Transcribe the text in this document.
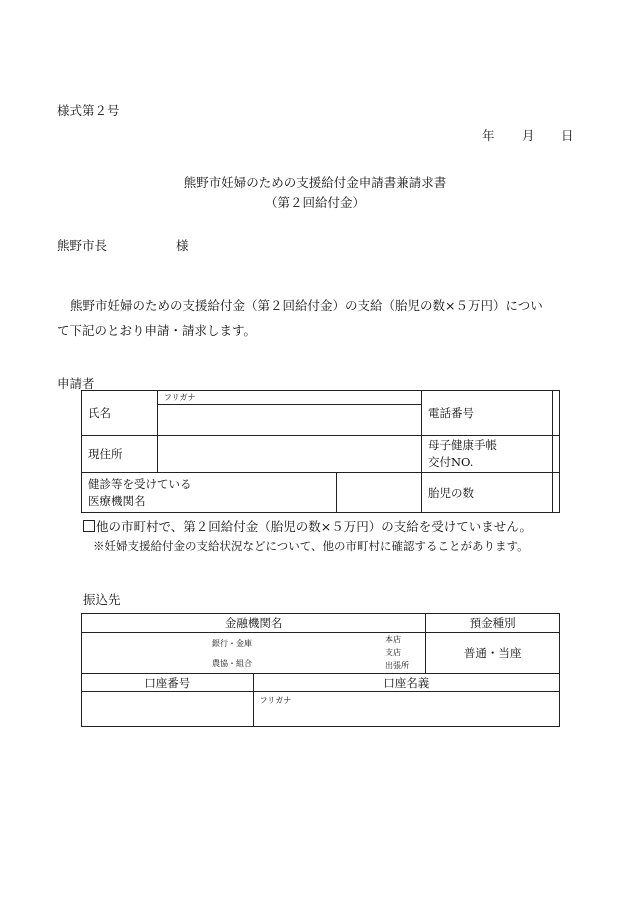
様式第２号
年 月 日
熊野市妊婦のための支援給付金申請書兼請求書
（第２回給付金）
熊野市長	様
熊野市妊婦のための支援給付金（第２回給付金）の支給（胎児の数×５万円）につい
て下記のとおり申請・請求します。
申請者
氏名	フリガナ		電話番号	
現住所			母子健康手帳
交付NO.	

健診等を受けている
医療機関名			胎児の数	
他の市町村で、第２回給付金（胎児の数×５万円）の支給を受けていません。
※妊婦支援給付金の支給状況などについて、他の市町村に確認することがあります。
振込先
金融機関名		預金種別

銀行・金庫
農協・組合
本店
支店
出張所		普通・当座
口座番号	口座名義	

	フリガナ	
